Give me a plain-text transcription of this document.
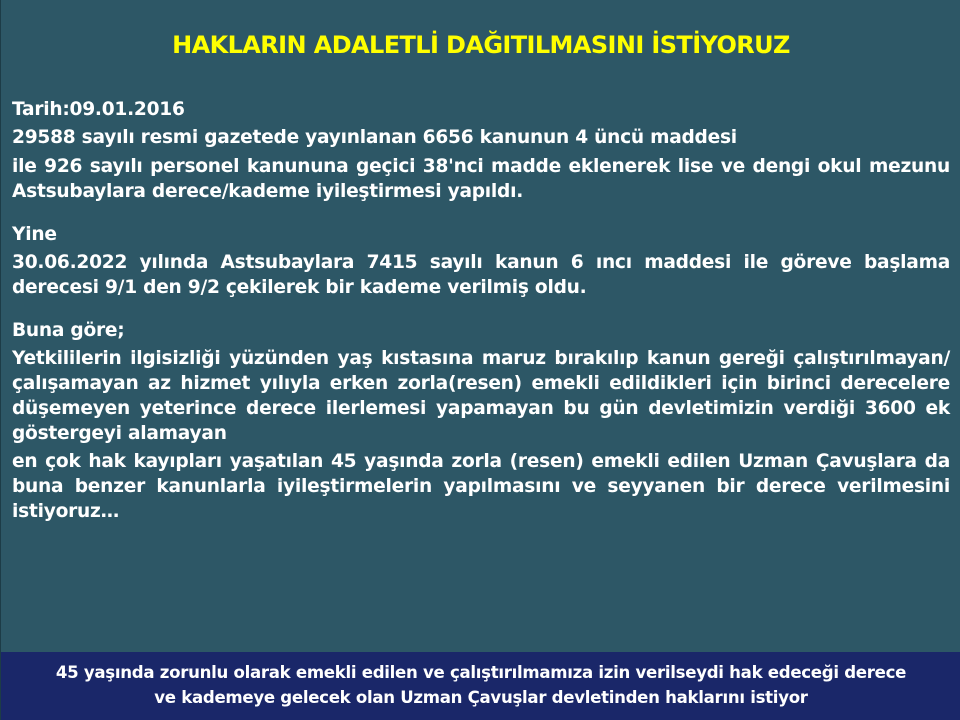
HAKLARIN ADALETLİ DAĞITILMASINI İSTİYORUZ

Tarih:09.01.2016

29588 sayılı resmi gazetede yayınlanan 6656 kanunun 4 üncü maddesi

ile 926 sayılı personel kanununa geçici 38'nci madde eklenerek lise ve dengi okul mezunu Astsubaylara derece/kademe iyileştirmesi yapıldı.

Yine

30.06.2022 yılında Astsubaylara 7415 sayılı kanun 6 ıncı maddesi ile göreve başlama derecesi 9/1 den 9/2 çekilerek bir kademe verilmiş oldu.

Buna göre;

Yetkililerin ilgisizliği yüzünden yaş kıstasına maruz bırakılıp kanun gereği çalıştırılmayan/çalışamayan az hizmet yılıyla erken zorla(resen) emekli edildikleri için birinci derecelere düşemeyen yeterince derece ilerlemesi yapamayan bu gün devletimizin verdiği 3600 ek göstergeyi alamayan

en çok hak kayıpları yaşatılan 45 yaşında zorla (resen) emekli edilen Uzman Çavuşlara da buna benzer kanunlarla iyileştirmelerin yapılmasını ve seyyanen bir derece verilmesini istiyoruz…

45 yaşında zorunlu olarak emekli edilen ve çalıştırılmamıza izin verilseydi hak edeceği derece
ve kademeye gelecek olan Uzman Çavuşlar devletinden haklarını istiyor
